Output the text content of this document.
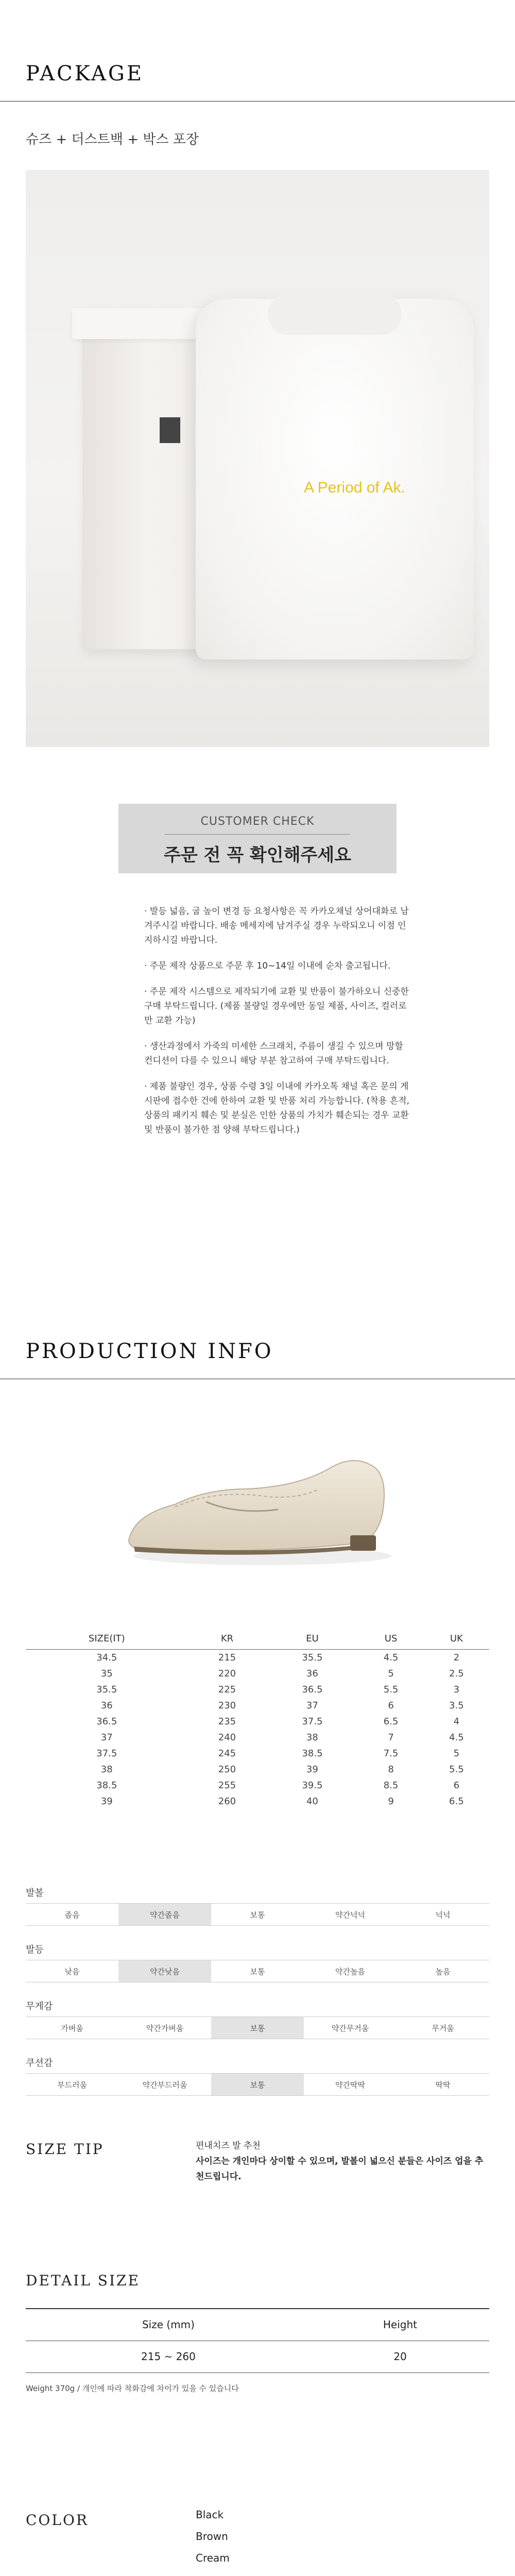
PACKAGE
슈즈 + 더스트백 + 박스 포장
A Period of Ak.
CUSTOMER CHECK
주문 전 꼭 확인해주세요

· 발등 넓음, 굽 높이 변경 등 요청사항은 꼭 카카오채널 상어대화로 남겨주시길 바랍니다. 배송 메세지에 남겨주실 경우 누락되오니 이점 인지하시길 바랍니다.

· 주문 제작 상품으로 주문 후 10~14일 이내에 순차 출고됩니다.

· 주문 제작 시스템으로 제작되기에 교환 및 반품이 불가하오니 신중한 구매 부탁드립니다. (제품 불량일 경우에만 동일 제품, 사이즈, 컬러로만 교환 가능)

· 생산과정에서 가죽의 미세한 스크래치, 주름이 생길 수 있으며 망할 컨디션이 다를 수 있으니 해당 부분 참고하여 구매 부탁드립니다.

· 제품 불량인 경우, 상품 수령 3일 이내에 카카오톡 채널 혹은 문의 게시판에 접수한 건에 한하여 교환 및 반품 처리 가능합니다. (착용 흔적, 상품의 패키지 훼손 및 분실은 인한 상품의 가치가 훼손되는 경우 교환 및 반품이 불가한 점 양해 부탁드립니다.)

PRODUCTION INFO
SIZE(IT)	KR	EU	US	UK
34.5	215	35.5	4.5	2
35	220	36	5	2.5
35.5	225	36.5	5.5	3
36	230	37	6	3.5
36.5	235	37.5	6.5	4
37	240	38	7	4.5
37.5	245	38.5	7.5	5
38	250	39	8	5.5
38.5	255	39.5	8.5	6
39	260	40	9	6.5
발볼
좁음	약간좁음	보통	약간넉넉	넉넉
발등
낮음	약간낮음	보통	약간높음	높음
무게감
가벼움	약간가벼움	보통	약간무거움	무거움
쿠션감
부드러움	약간부드러움	보통	약간딱딱	딱딱
SIZE TIP	편내치즈 발 추천
사이즈는 개인마다 상이할 수 있으며, 발볼이 넓으신 분들은 사이즈 업을 추천드립니다.
DETAIL SIZE
Size (mm)	Height
215 ~ 260	20
Weight 370g / 개인에 따라 착화감에 차이가 있을 수 있습니다
COLOR	Black
Brown
Cream
